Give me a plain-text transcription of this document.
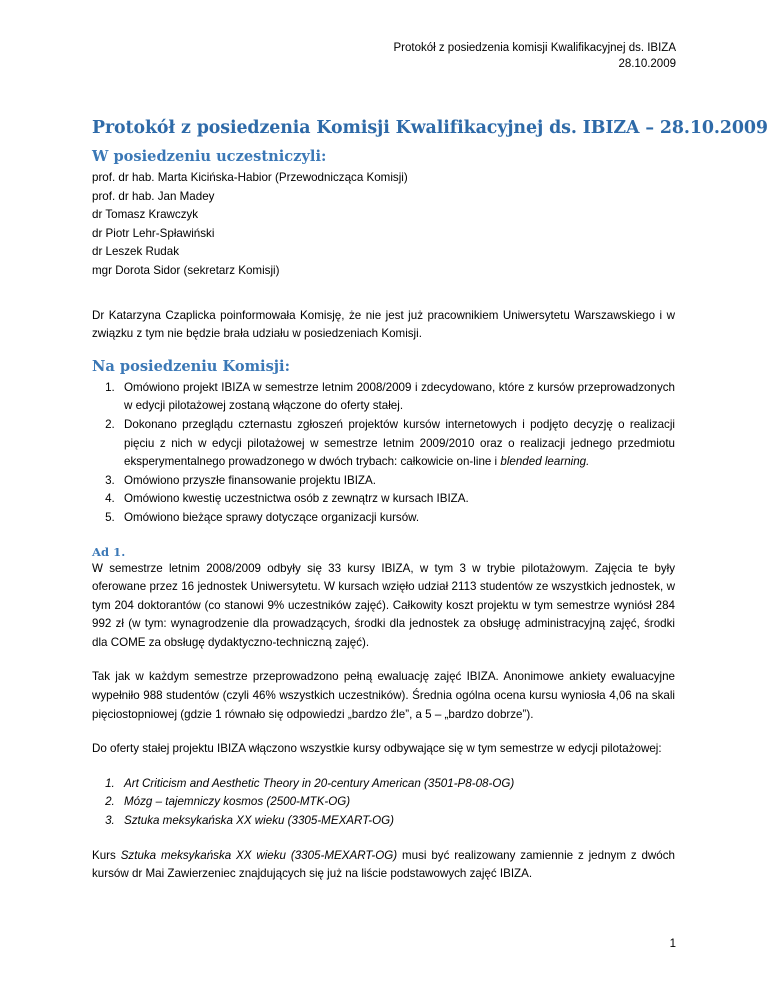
Protokół z posiedzenia komisji Kwalifikacyjnej ds. IBIZA
28.10.2009
Protokół z posiedzenia Komisji Kwalifikacyjnej ds. IBIZA – 28.10.2009
W posiedzeniu uczestniczyli:
prof. dr hab. Marta Kicińska-Habior (Przewodnicząca Komisji)
prof. dr hab. Jan Madey
dr Tomasz Krawczyk
dr Piotr Lehr-Spławiński
dr Leszek Rudak
mgr Dorota Sidor (sekretarz Komisji)

Dr Katarzyna Czaplicka poinformowała Komisję, że nie jest już pracownikiem Uniwersytetu Warszawskiego i w związku z tym nie będzie brała udziału w posiedzeniach Komisji.

Na posiedzeniu Komisji:
1. Omówiono projekt IBIZA w semestrze letnim 2008/2009 i zdecydowano, które z kursów przeprowadzonych w edycji pilotażowej zostaną włączone do oferty stałej.
2. Dokonano przeglądu czternastu zgłoszeń projektów kursów internetowych i podjęto decyzję o realizacji pięciu z nich w edycji pilotażowej w semestrze letnim 2009/2010 oraz o realizacji jednego przedmiotu eksperymentalnego prowadzonego w dwóch trybach: całkowicie on-line i blended learning.
3. Omówiono przyszłe finansowanie projektu IBIZA.
4. Omówiono kwestię uczestnictwa osób z zewnątrz w kursach IBIZA.
5. Omówiono bieżące sprawy dotyczące organizacji kursów.
Ad 1.

W semestrze letnim 2008/2009 odbyły się 33 kursy IBIZA, w tym 3 w trybie pilotażowym. Zajęcia te były oferowane przez 16 jednostek Uniwersytetu. W kursach wzięło udział 2113 studentów ze wszystkich jednostek, w tym 204 doktorantów (co stanowi 9% uczestników zajęć). Całkowity koszt projektu w tym semestrze wyniósł 284 992 zł (w tym: wynagrodzenie dla prowadzących, środki dla jednostek za obsługę administracyjną zajęć, środki dla COME za obsługę dydaktyczno-techniczną zajęć).

Tak jak w każdym semestrze przeprowadzono pełną ewaluację zajęć IBIZA. Anonimowe ankiety ewaluacyjne wypełniło 988 studentów (czyli 46% wszystkich uczestników). Średnia ogólna ocena kursu wyniosła 4,06 na skali pięciostopniowej (gdzie 1 równało się odpowiedzi „bardzo źle”, a 5 – „bardzo dobrze”).

Do oferty stałej projektu IBIZA włączono wszystkie kursy odbywające się w tym semestrze w edycji pilotażowej:

1. Art Criticism and Aesthetic Theory in 20-century American (3501-P8-08-OG)
2. Mózg – tajemniczy kosmos (2500-MTK-OG)
3. Sztuka meksykańska XX wieku (3305-MEXART-OG)

Kurs Sztuka meksykańska XX wieku (3305-MEXART-OG) musi być realizowany zamiennie z jednym z dwóch kursów dr Mai Zawierzeniec znajdujących się już na liście podstawowych zajęć IBIZA.

1
